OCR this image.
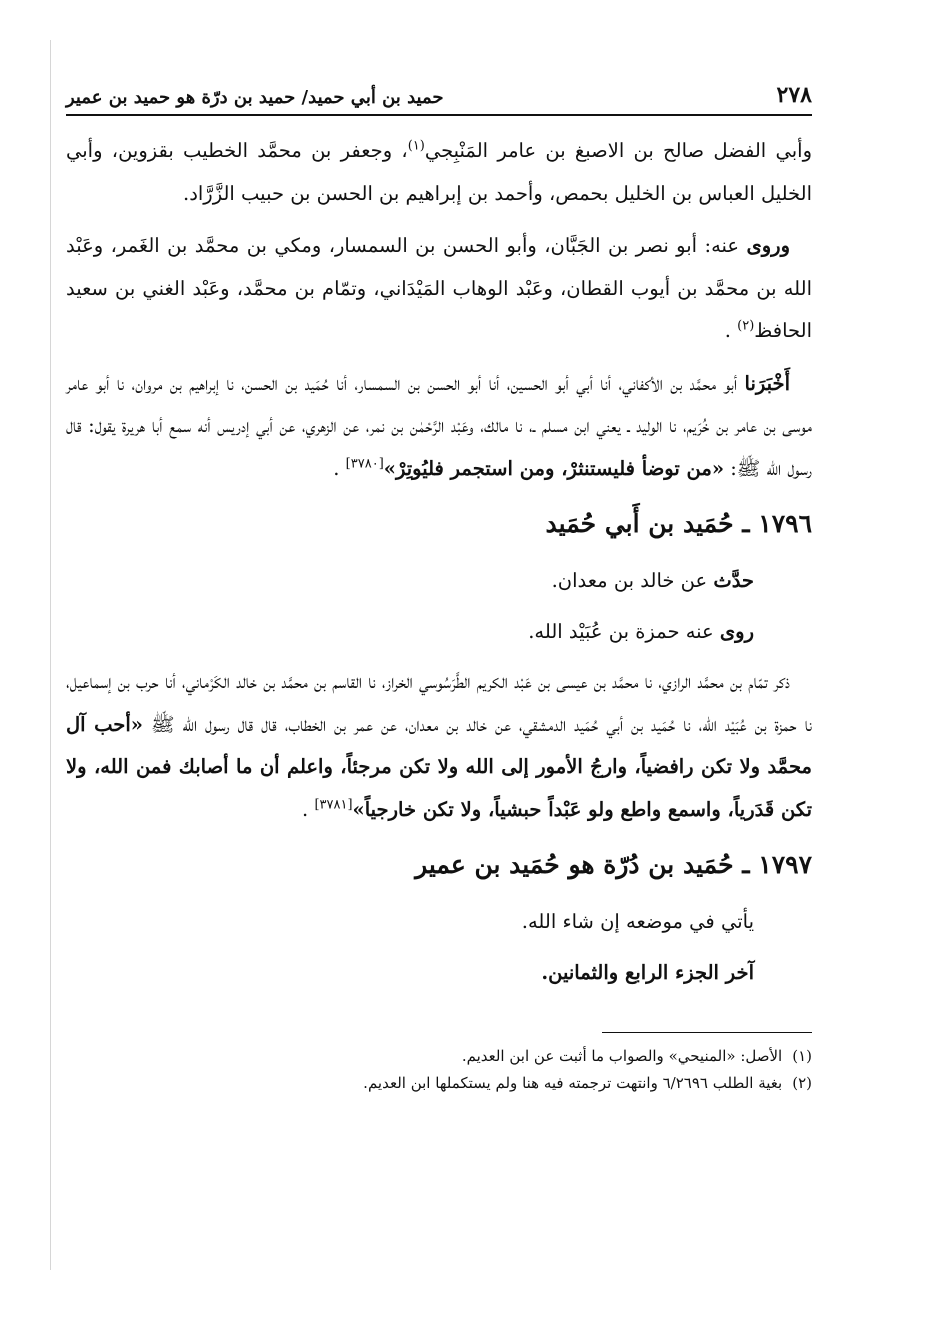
٢٧٨
حميد بن أبي حميد/ حميد بن درّة هو حميد بن عمير

وأبي الفضل صالح بن الاصبغ بن عامر المَنْبِجي$^{(١)}$، وجعفر بن محمَّد الخطيب بقزوين، وأبي الخليل العباس بن الخليل بحمص، وأحمد بن إبراهيم بن الحسن بن حبيب الزَّرَّاد.

وروى عنه: أبو نصر بن الجَبَّان، وأبو الحسن بن السمسار، ومكي بن محمَّد بن الغَمر، وعَبْد الله بن محمَّد بن أيوب القطان، وعَبْد الوهاب المَيْدَاني، وتمّام بن محمَّد، وعَبْد الغني بن سعيد الحافظ$^{(٢)}$ .

أَخْبَرَنا أبو محمَّد بن الأكفاني، أنا أبي أبو الحسين، أنا أبو الحسن بن السمسار، أنا حُمَيد بن الحسن، نا إبراهيم بن مروان، نا أبو عامر موسى بن عامر بن خُرَيم، نا الوليد ـ يعني ابن مسلم ـ، نا مالك، وعَبْد الرَّحْمٰن بن نمر، عن الزهري، عن أبي إدريس أنه سمع أبا هريرة يقول: قال رسول الله ﷺ: «من توضأ فليستنثرْ، ومن استجمر فليُوتِرْ»[٣٧٨٠] .

١٧٩٦ ـ حُمَيد بن أَبي حُمَيد

حدَّث عن خالد بن معدان.

روى عنه حمزة بن عُبَيْد الله.

ذكر تمّام بن محمَّد الرازي، نا محمَّد بن عيسى بن عَبْد الكريم الطَّرَسُوسي الخراز، نا القاسم بن محمَّد بن خالد الكَرْماني، أنا حرب بن إسماعيل، نا حمزة بن عُبَيْد الله، نا حُمَيد بن أبي حُمَيد الدمشقي، عن خالد بن معدان، عن عمر بن الخطاب، قال قال رسول الله ﷺ «أحب آل محمَّد ولا تكن رافضياً، وارجُ الأمور إلى الله ولا تكن مرجئاً، واعلم أن ما أصابك فمن الله، ولا تكن قَدَرياً، واسمع واطع ولو عَبْداً حبشياً، ولا تكن خارجياً»[٣٧٨١] .

١٧٩٧ ـ حُمَيد بن دُرّة هو حُمَيد بن عمير

يأتي في موضعه إن شاء الله.

آخر الجزء الرابع والثمانين.

(١)الأصل: «المنيحي» والصواب ما أثبت عن ابن العديم.

(٢)بغية الطلب ٦/٢٦٩٦ وانتهت ترجمته فيه هنا ولم يستكملها ابن العديم.
